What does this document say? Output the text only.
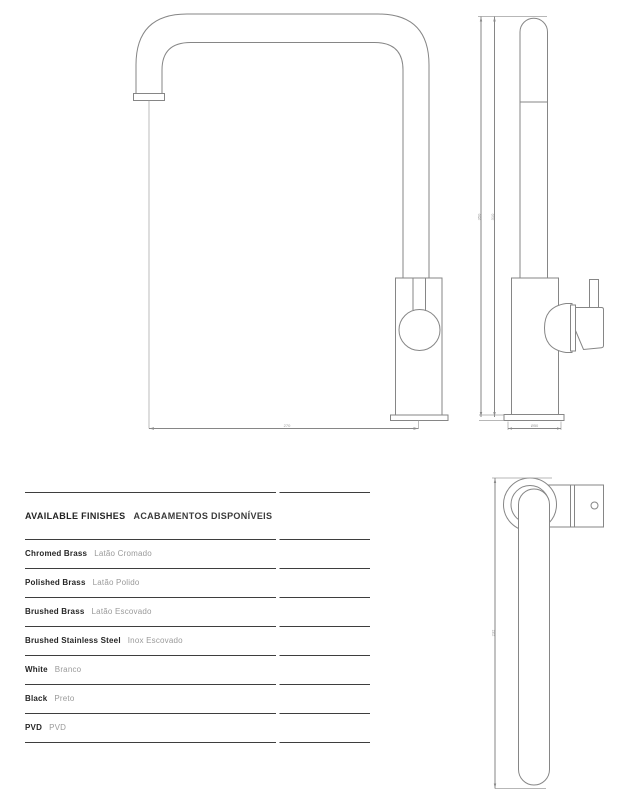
270
350 310
Ø50
232
AVAILABLE FINISHES ACABAMENTOS DISPONÍVEIS
Chromed Brass Latão Cromado
Polished Brass Latão Polido
Brushed Brass Latão Escovado
Brushed Stainless Steel Inox Escovado
White Branco
Black Preto
PVD PVD
